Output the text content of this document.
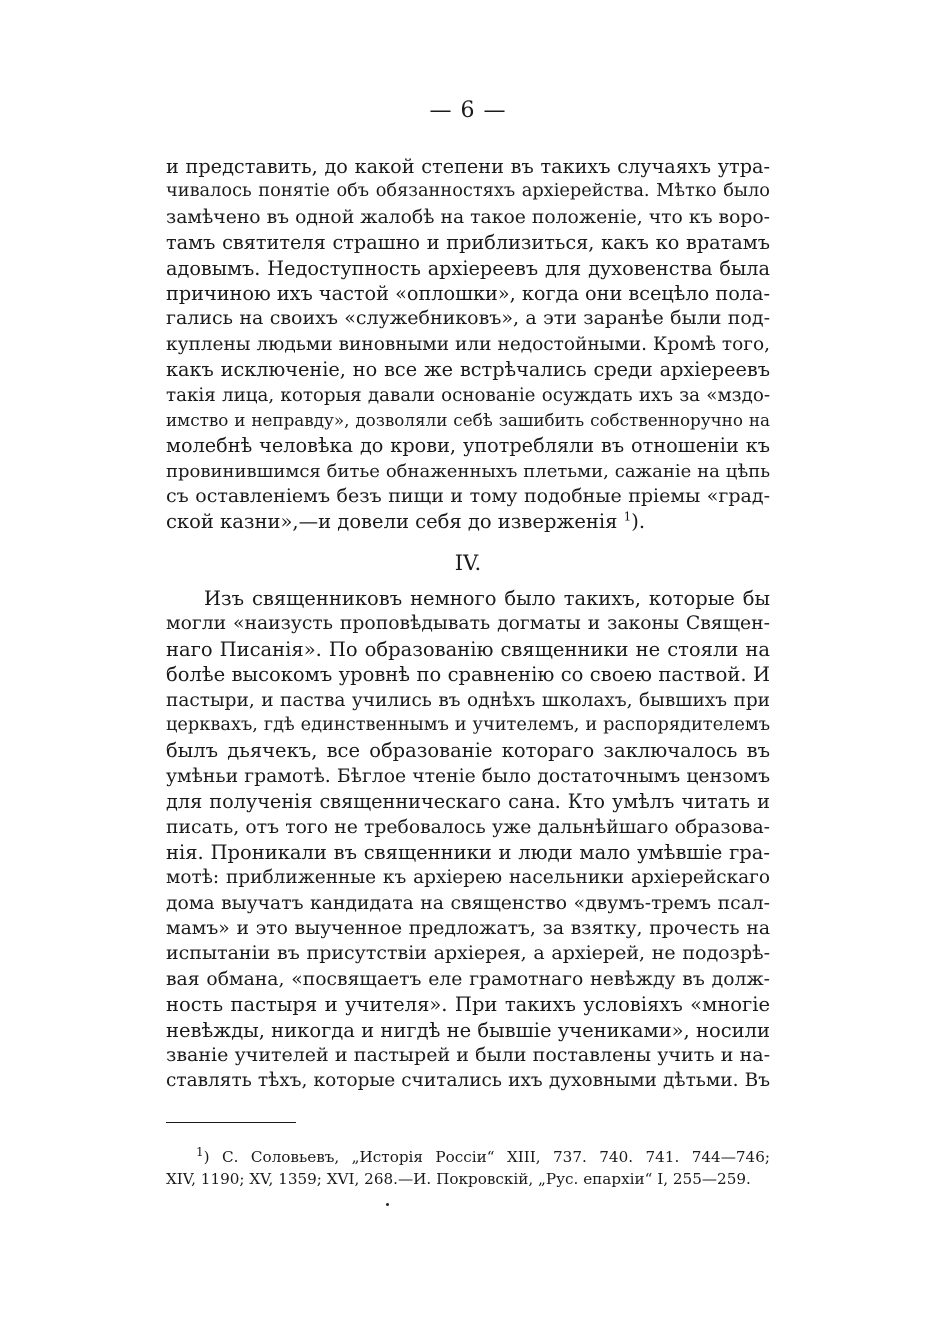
— 6 —
и представить, до какой степени въ такихъ случаяхъ утра-
чивалось понятіе объ обязанностяхъ архіерейства. Мѣтко было
замѣчено въ одной жалобѣ на такое положеніе, что къ воро-
тамъ святителя страшно и приблизиться, какъ ко вратамъ
адовымъ. Недоступность архіереевъ для духовенства была
причиною ихъ частой «оплошки», когда они всецѣло пола-
гались на своихъ «служебниковъ», а эти заранѣе были под-
куплены людьми виновными или недостойными. Кромѣ того,
какъ исключеніе, но все же встрѣчались среди архіереевъ
такія лица, которыя давали основаніе осуждать ихъ за «мздо-
имство и неправду», дозволяли себѣ зашибить собственноручно на
молебнѣ человѣка до крови, употребляли въ отношеніи къ
провинившимся битье обнаженныхъ плетьми, сажаніе на цѣпь
съ оставленіемъ безъ пищи и тому подобные пріемы «град-
ской казни»,—и довели себя до изверженія $^1$).
IV.
Изъ священниковъ немного было такихъ, которые бы
могли «наизусть проповѣдывать догматы и законы Священ-
наго Писанія». По образованію священники не стояли на
болѣе высокомъ уровнѣ по сравненію со своею паствой. И
пастыри, и паства учились въ однѣхъ школахъ, бывшихъ при
церквахъ, гдѣ единственнымъ и учителемъ, и распорядителемъ
былъ дьячекъ, все образованіе котораго заключалось въ
умѣньи грамотѣ. Бѣглое чтеніе было достаточнымъ цензомъ
для полученія священническаго сана. Кто умѣлъ читать и
писать, отъ того не требовалось уже дальнѣйшаго образова-
нія. Проникали въ священники и люди мало умѣвшіе гра-
мотѣ: приближенные къ архіерею насельники архіерейскаго
дома выучатъ кандидата на священство «двумъ-тремъ псал-
мамъ» и это выученное предложатъ, за взятку, прочесть на
испытаніи въ присутствіи архіерея, а архіерей, не подозрѣ-
вая обмана, «посвящаетъ еле грамотнаго невѣжду въ долж-
ность пастыря и учителя». При такихъ условіяхъ «многіе
невѣжды, никогда и нигдѣ не бывшіе учениками», носили
званіе учителей и пастырей и были поставлены учить и на-
ставлять тѣхъ, которые считались ихъ духовными дѣтьми. Въ
$^1$) С. Соловьевъ, „Исторія Россіи“ XIII, 737. 740. 741. 744—746;
XIV, 1190; XV, 1359; XVI, 268.—И. Покровскій, „Рус. епархіи“ I, 255—259.
